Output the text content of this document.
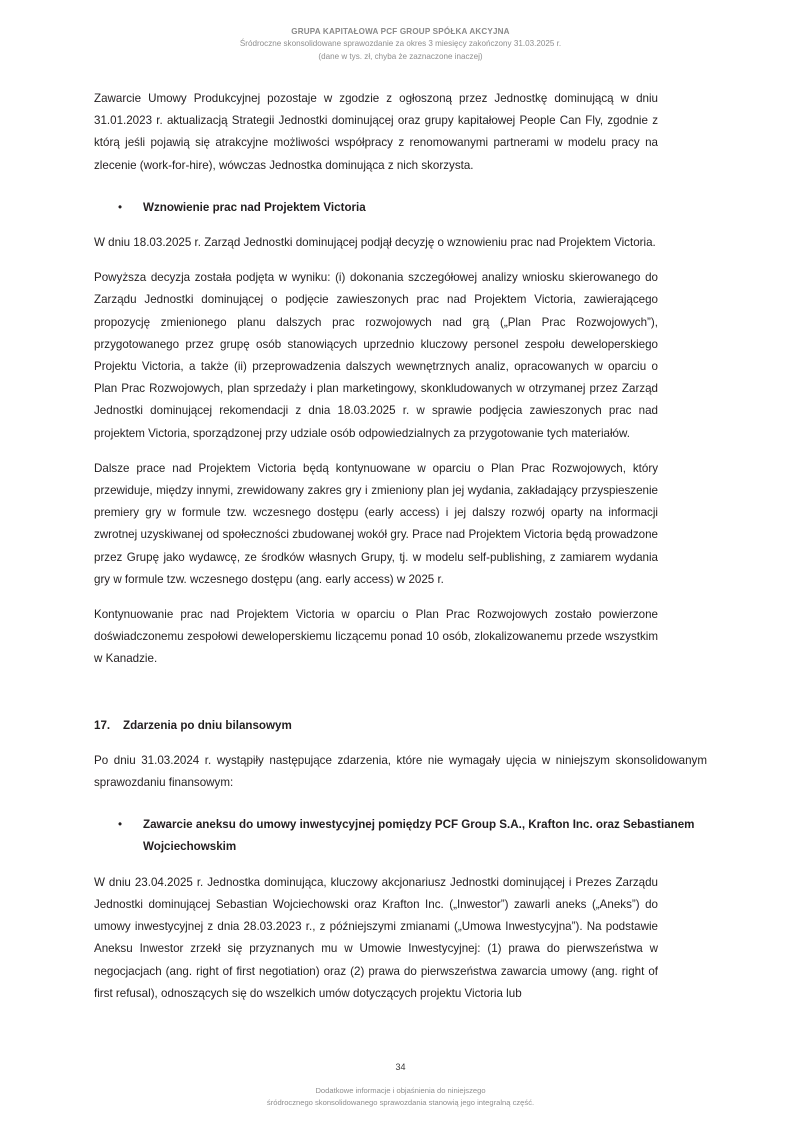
GRUPA KAPITAŁOWA PCF GROUP SPÓŁKA AKCYJNA
Śródroczne skonsolidowane sprawozdanie za okres 3 miesięcy zakończony 31.03.2025 r.
(dane w tys. zł, chyba że zaznaczone inaczej)

Zawarcie Umowy Produkcyjnej pozostaje w zgodzie z ogłoszoną przez Jednostkę dominującą w dniu 31.01.2023 r. aktualizacją Strategii Jednostki dominującej oraz grupy kapitałowej People Can Fly, zgodnie z którą jeśli pojawią się atrakcyjne możliwości współpracy z renomowanymi partnerami w modelu pracy na zlecenie (work-for-hire), wówczas Jednostka dominująca z nich skorzysta.

•	Wznowienie prac nad Projektem Victoria

W dniu 18.03.2025 r. Zarząd Jednostki dominującej podjął decyzję o wznowieniu prac nad Projektem Victoria.

Powyższa decyzja została podjęta w wyniku: (i) dokonania szczegółowej analizy wniosku skierowanego do Zarządu Jednostki dominującej o podjęcie zawieszonych prac nad Projektem Victoria, zawierającego propozycję zmienionego planu dalszych prac rozwojowych nad grą („Plan Prac Rozwojowych”), przygotowanego przez grupę osób stanowiących uprzednio kluczowy personel zespołu deweloperskiego Projektu Victoria, a także (ii) przeprowadzenia dalszych wewnętrznych analiz, opracowanych w oparciu o Plan Prac Rozwojowych, plan sprzedaży i plan marketingowy, skonkludowanych w otrzymanej przez Zarząd Jednostki dominującej rekomendacji z dnia 18.03.2025 r. w sprawie podjęcia zawieszonych prac nad projektem Victoria, sporządzonej przy udziale osób odpowiedzialnych za przygotowanie tych materiałów.

Dalsze prace nad Projektem Victoria będą kontynuowane w oparciu o Plan Prac Rozwojowych, który przewiduje, między innymi, zrewidowany zakres gry i zmieniony plan jej wydania, zakładający przyspieszenie premiery gry w formule tzw. wczesnego dostępu (early access) i jej dalszy rozwój oparty na informacji zwrotnej uzyskiwanej od społeczności zbudowanej wokół gry. Prace nad Projektem Victoria będą prowadzone przez Grupę jako wydawcę, ze środków własnych Grupy, tj. w modelu self-publishing, z zamiarem wydania gry w formule tzw. wczesnego dostępu (ang. early access) w 2025 r.

Kontynuowanie prac nad Projektem Victoria w oparciu o Plan Prac Rozwojowych zostało powierzone doświadczonemu zespołowi deweloperskiemu liczącemu ponad 10 osób, zlokalizowanemu przede wszystkim w Kanadzie.

17. Zdarzenia po dniu bilansowym

Po dniu 31.03.2024 r. wystąpiły następujące zdarzenia, które nie wymagały ujęcia w niniejszym skonsolidowanym sprawozdaniu finansowym:

•	Zawarcie aneksu do umowy inwestycyjnej pomiędzy PCF Group S.A., Krafton Inc. oraz Sebastianem Wojciechowskim

W dniu 23.04.2025 r. Jednostka dominująca, kluczowy akcjonariusz Jednostki dominującej i Prezes Zarządu Jednostki dominującej Sebastian Wojciechowski oraz Krafton Inc. („Inwestor”) zawarli aneks („Aneks”) do umowy inwestycyjnej z dnia 28.03.2023 r., z późniejszymi zmianami („Umowa Inwestycyjna”). Na podstawie Aneksu Inwestor zrzekł się przyznanych mu w Umowie Inwestycyjnej: (1) prawa do pierwszeństwa w negocjacjach (ang. right of first negotiation) oraz (2) prawa do pierwszeństwa zawarcia umowy (ang. right of first refusal), odnoszących się do wszelkich umów dotyczących projektu Victoria lub

34
Dodatkowe informacje i objaśnienia do niniejszego
śródrocznego skonsolidowanego sprawozdania stanowią jego integralną część.
